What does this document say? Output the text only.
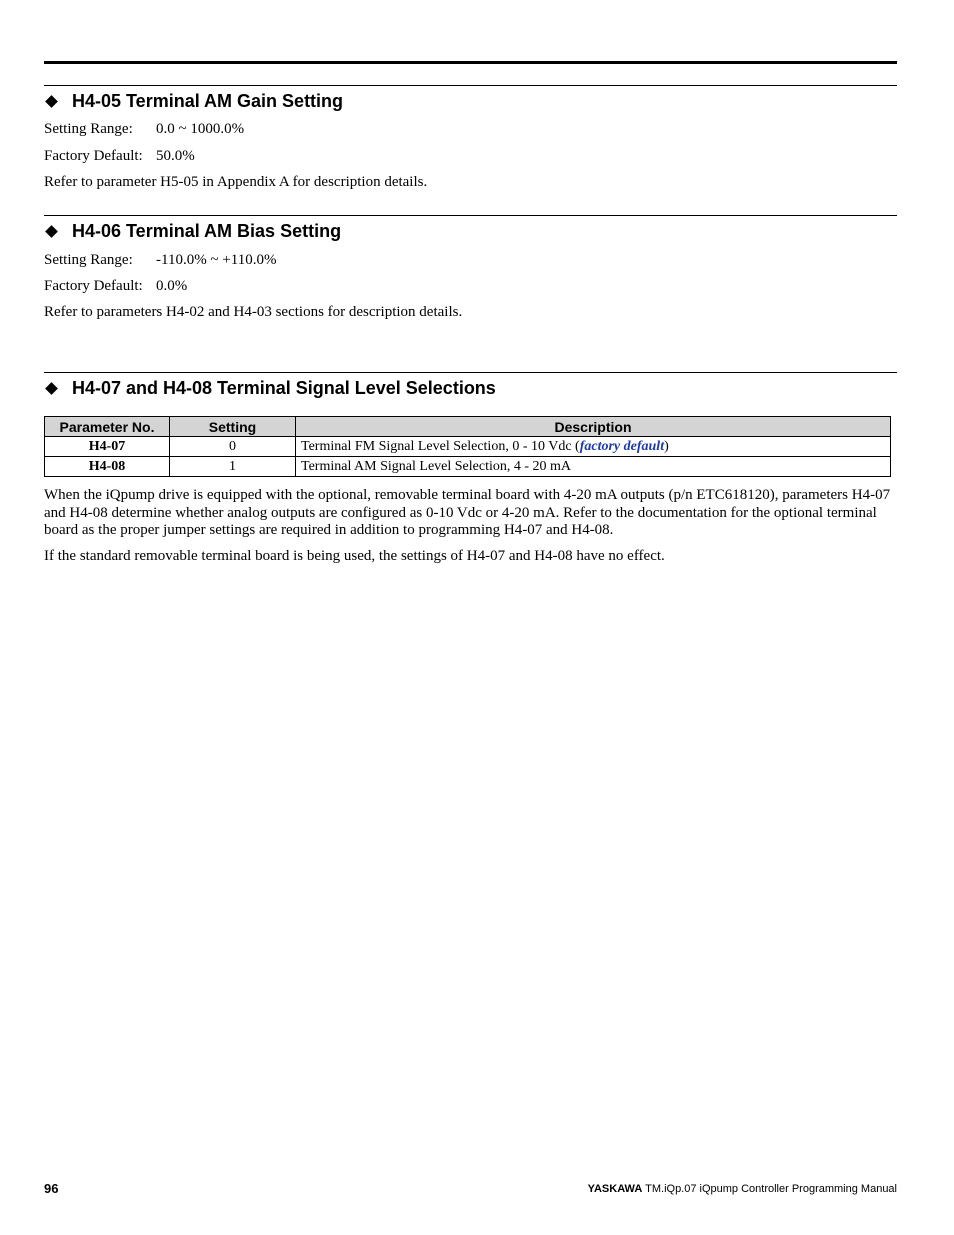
H4-05 Terminal AM Gain Setting
Setting Range: 0.0 ~ 1000.0%
Factory Default: 50.0%
Refer to parameter H5-05 in Appendix A for description details.
H4-06 Terminal AM Bias Setting
Setting Range: -110.0% ~ +110.0%
Factory Default: 0.0%
Refer to parameters H4-02 and H4-03 sections for description details.
H4-07 and H4-08 Terminal Signal Level Selections
Parameter No.	Setting	Description
H4-07	0	Terminal FM Signal Level Selection, 0 - 10 Vdc (factory default)
H4-08	1	Terminal AM Signal Level Selection, 4 - 20 mA

When the iQpump drive is equipped with the optional, removable terminal board with 4-20 mA outputs (p/n ETC618120), parameters H4-07 and H4-08 determine whether analog outputs are configured as 0-10 Vdc or 4-20 mA. Refer to the documentation for the optional terminal board as the proper jumper settings are required in addition to programming H4-07 and H4-08.

If the standard removable terminal board is being used, the settings of H4-07 and H4-08 have no effect.

96	YASKAWA TM.iQp.07 iQpump Controller Programming Manual
